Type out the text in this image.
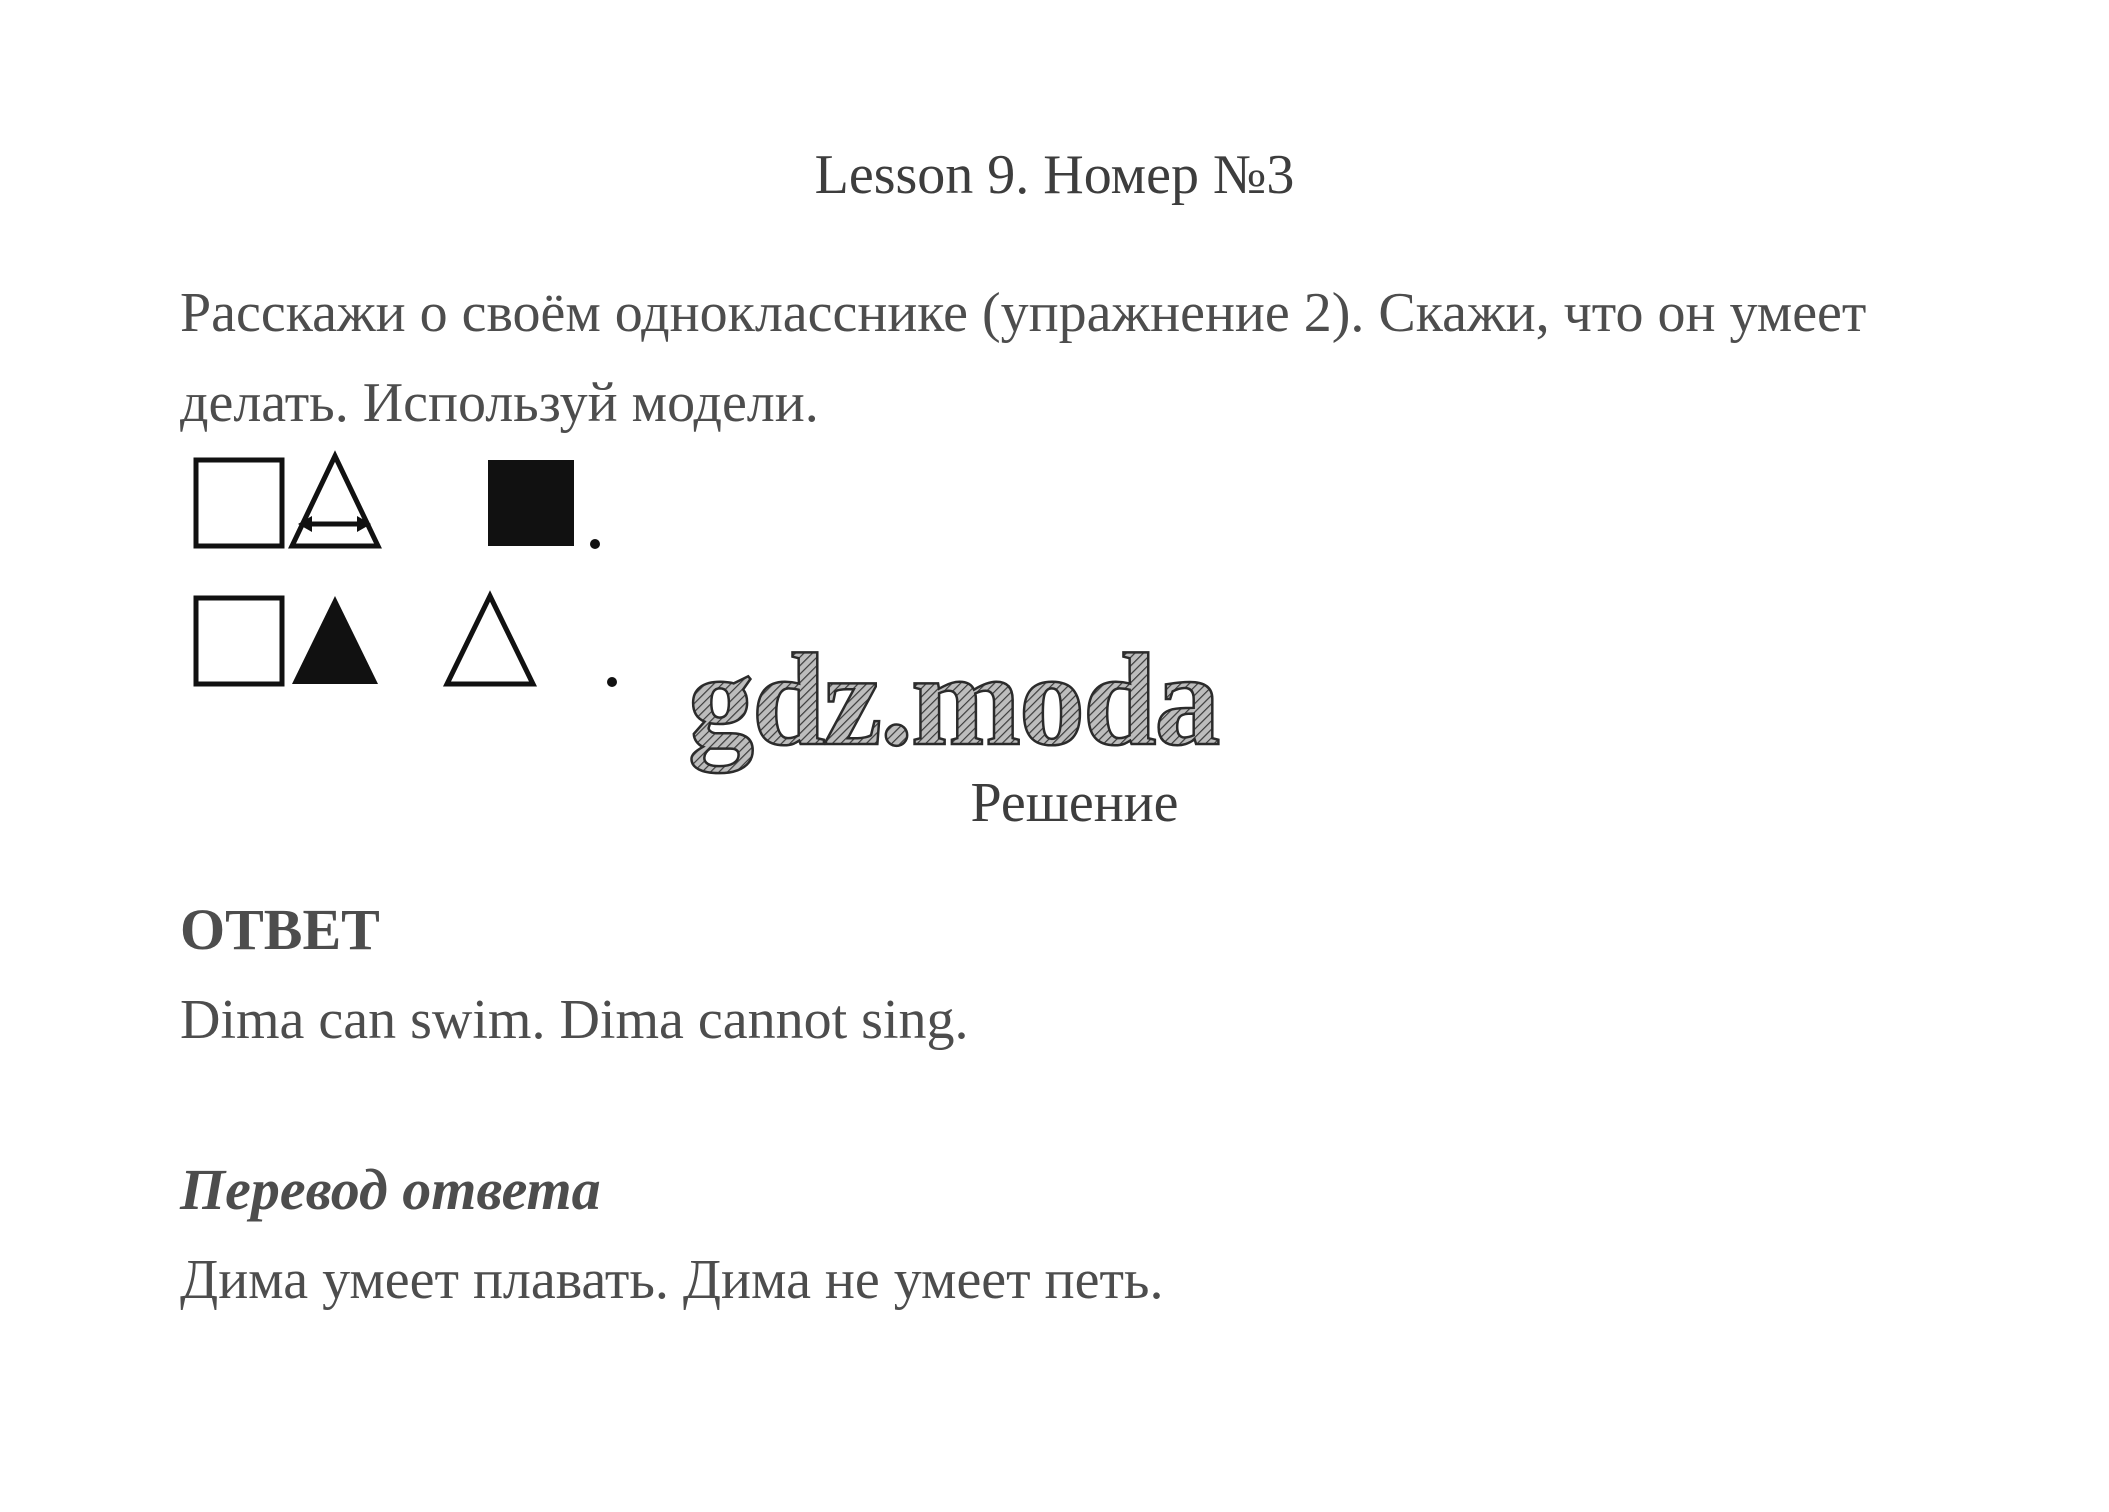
Lesson 9. Номер №3
Расскажи о своём однокласснике (упражнение 2). Скажи, что он умеет делать. Используй модели.
gdz.moda
Решение
ОТВЕТ
Dima can swim. Dima cannot sing.
Перевод ответа
Дима умеет плавать. Дима не умеет петь.
